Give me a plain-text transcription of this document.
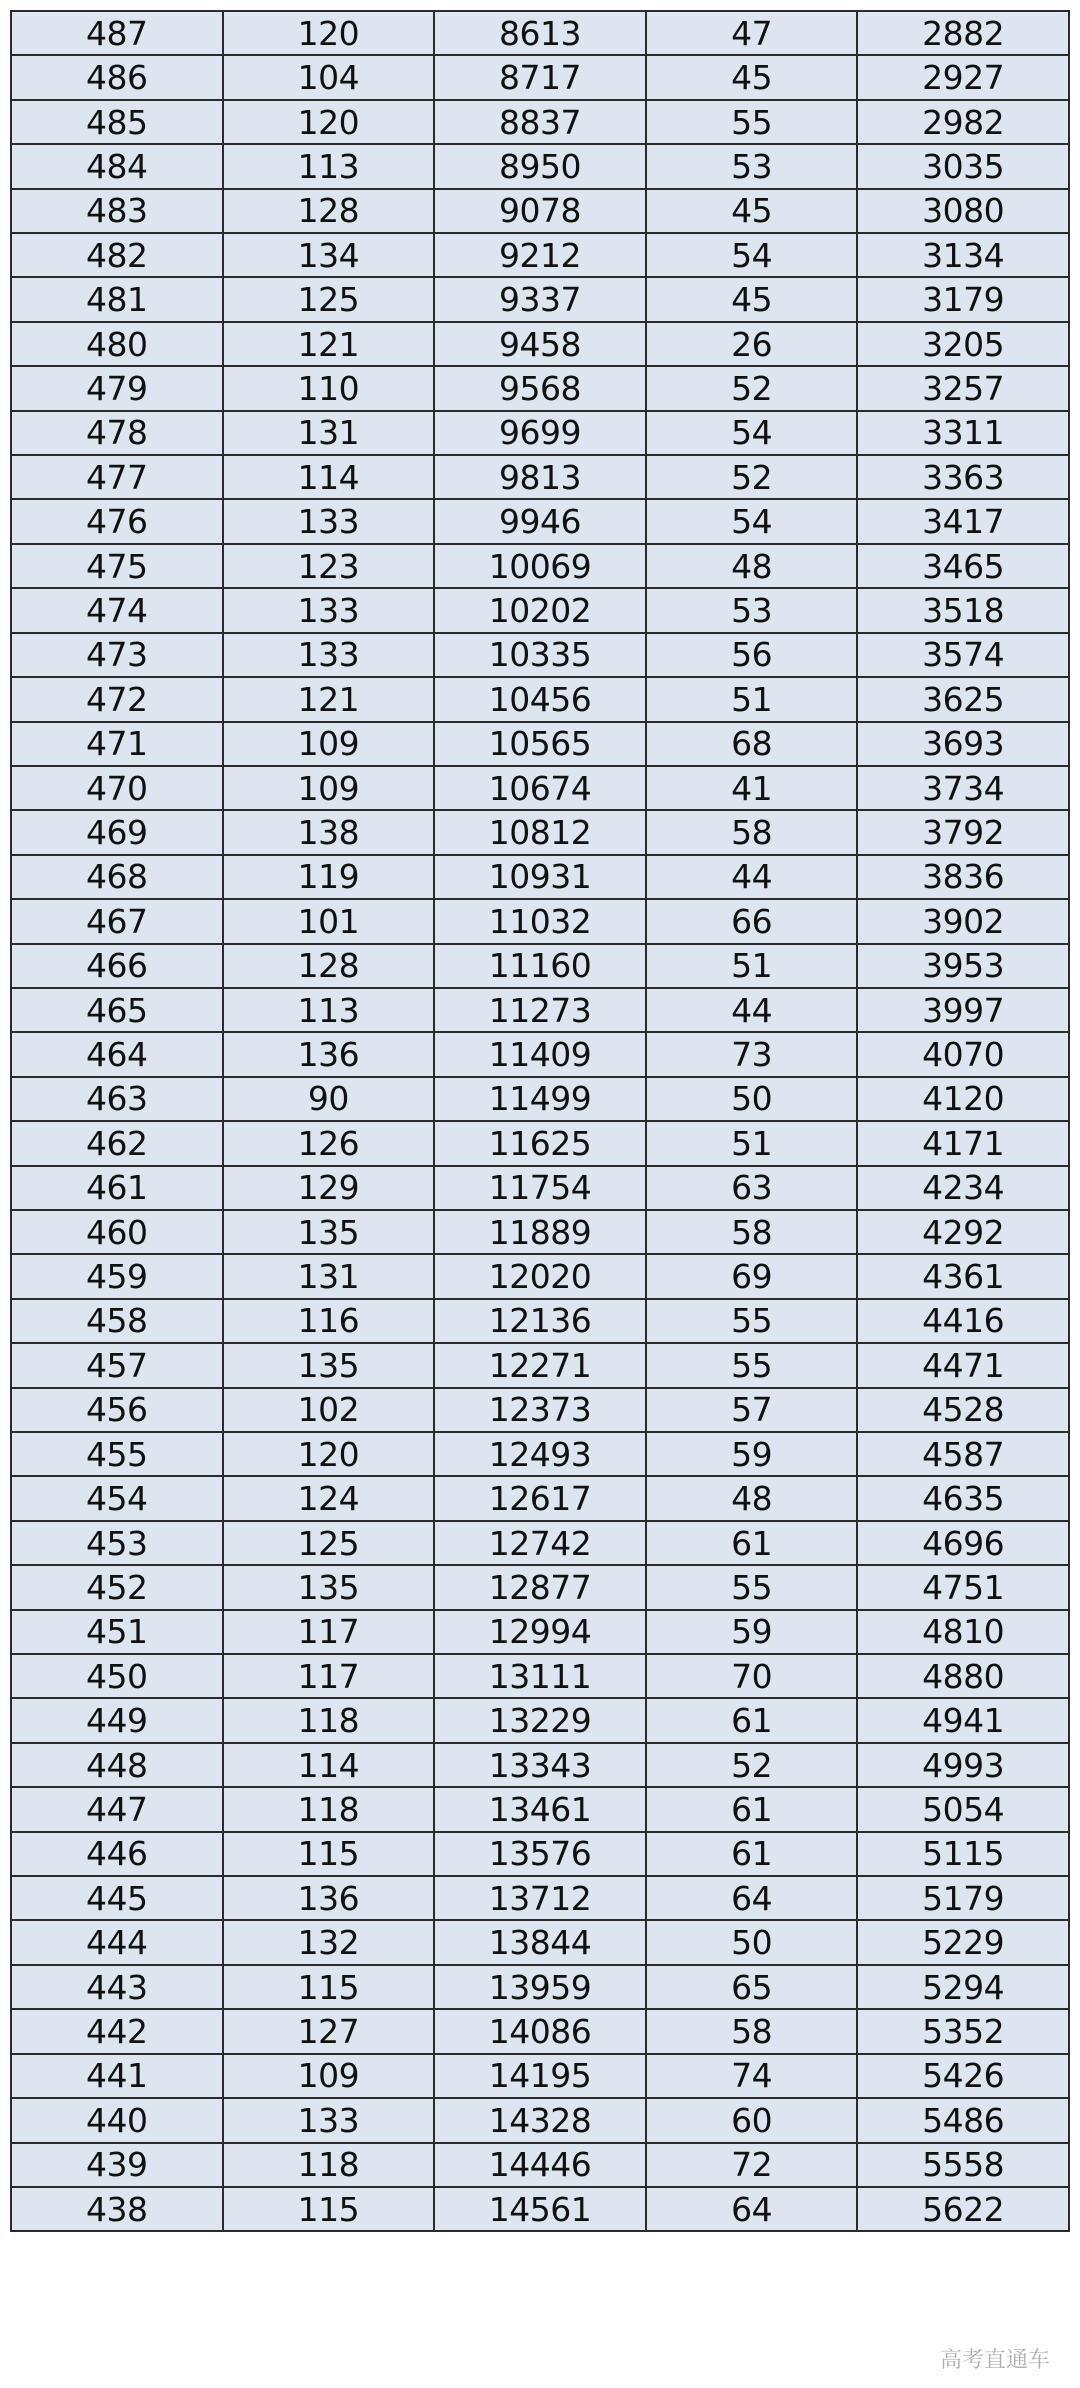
487	120	8613	47	2882
486	104	8717	45	2927
485	120	8837	55	2982
484	113	8950	53	3035
483	128	9078	45	3080
482	134	9212	54	3134
481	125	9337	45	3179
480	121	9458	26	3205
479	110	9568	52	3257
478	131	9699	54	3311
477	114	9813	52	3363
476	133	9946	54	3417
475	123	10069	48	3465
474	133	10202	53	3518
473	133	10335	56	3574
472	121	10456	51	3625
471	109	10565	68	3693
470	109	10674	41	3734
469	138	10812	58	3792
468	119	10931	44	3836
467	101	11032	66	3902
466	128	11160	51	3953
465	113	11273	44	3997
464	136	11409	73	4070
463	90	11499	50	4120
462	126	11625	51	4171
461	129	11754	63	4234
460	135	11889	58	4292
459	131	12020	69	4361
458	116	12136	55	4416
457	135	12271	55	4471
456	102	12373	57	4528
455	120	12493	59	4587
454	124	12617	48	4635
453	125	12742	61	4696
452	135	12877	55	4751
451	117	12994	59	4810
450	117	13111	70	4880
449	118	13229	61	4941
448	114	13343	52	4993
447	118	13461	61	5054
446	115	13576	61	5115
445	136	13712	64	5179
444	132	13844	50	5229
443	115	13959	65	5294
442	127	14086	58	5352
441	109	14195	74	5426
440	133	14328	60	5486
439	118	14446	72	5558
438	115	14561	64	5622
高考直通车
